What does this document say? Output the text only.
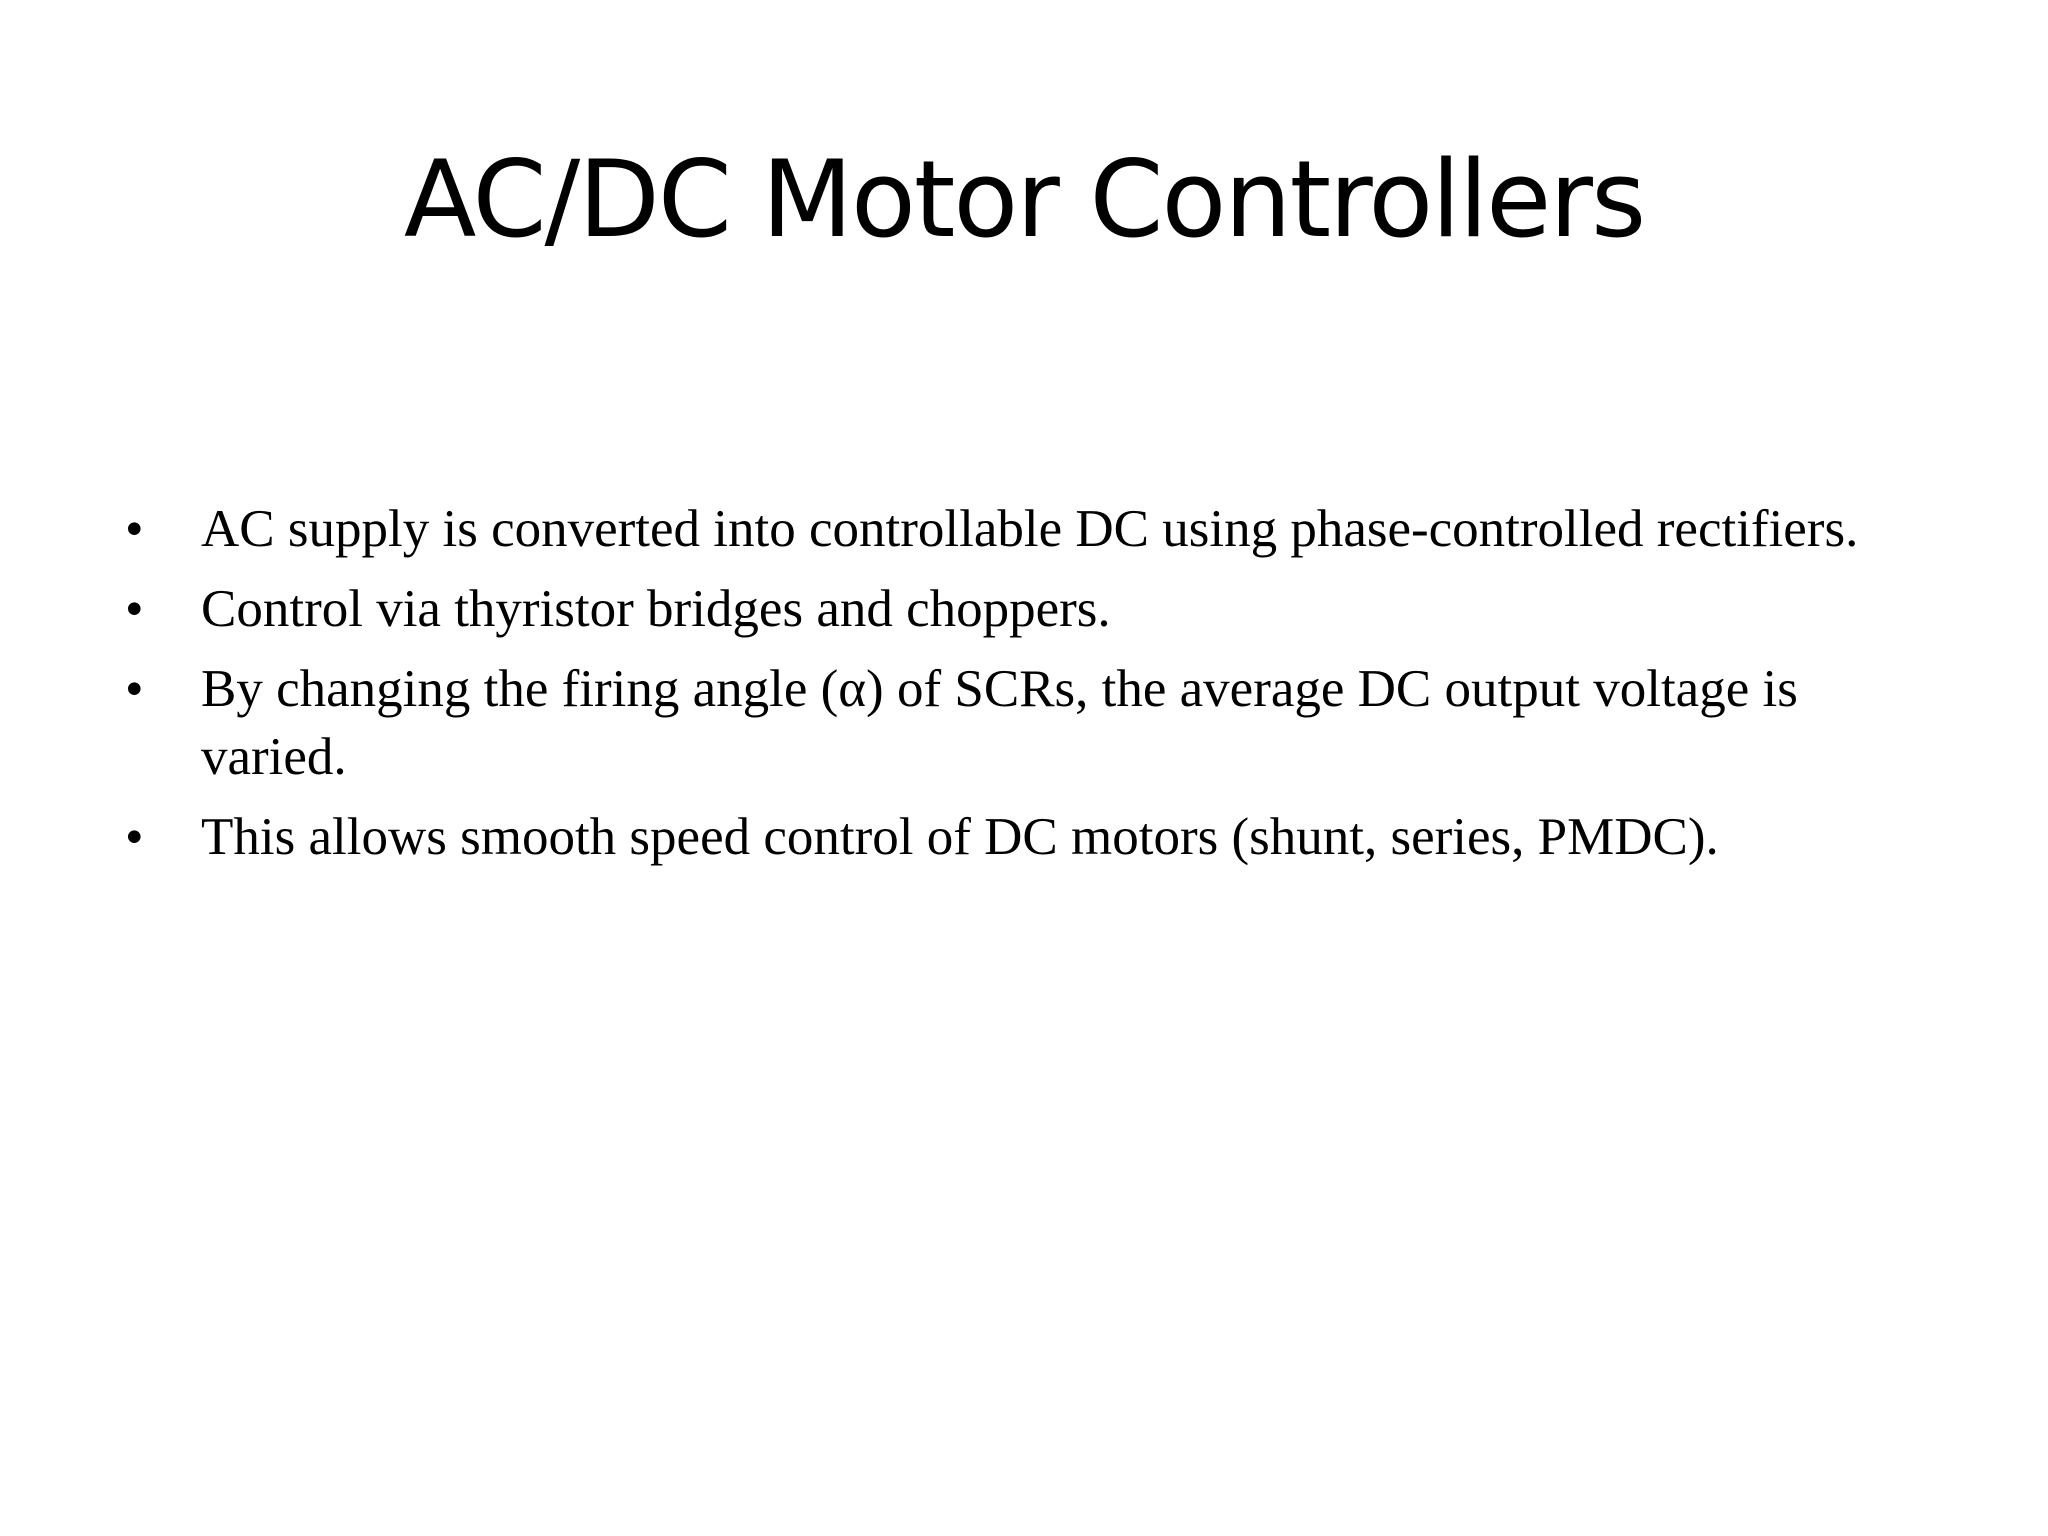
AC/DC Motor Controllers
•	AC supply is converted into controllable DC using phase-controlled rectifiers.
•	Control via thyristor bridges and choppers.
•	By changing the firing angle (α) of SCRs, the average DC output voltage is varied.
•	This allows smooth speed control of DC motors (shunt, series, PMDC).
